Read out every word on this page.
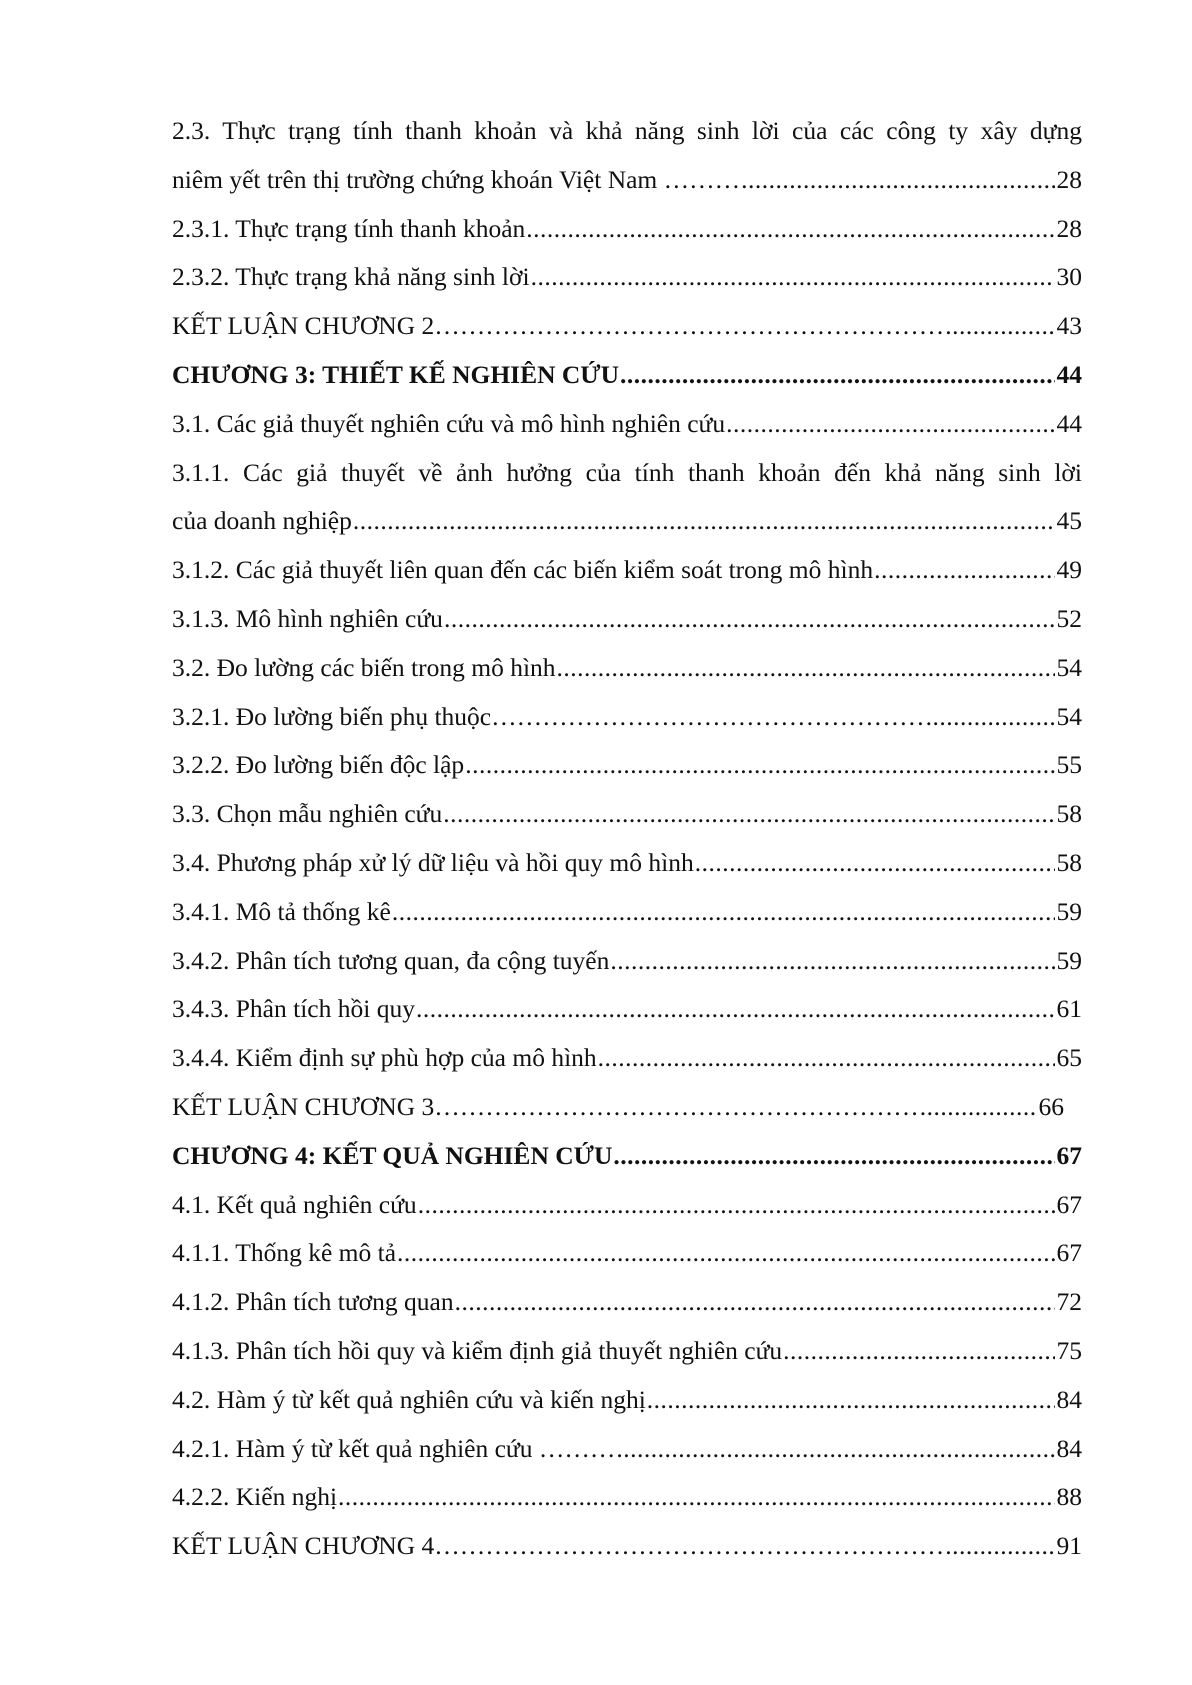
2.3. Thực trạng tính thanh khoản và khả năng sinh lời của các công ty xây dựng
niêm yết trên thị trường chứng khoán Việt Nam ……… .....	28
2.3.1. Thực trạng tính thanh khoản .....	28
2.3.2. Thực trạng khả năng sinh lời .....	30
KẾT LUẬN CHƯƠNG 2…………………………………………………… .....	43
CHƯƠNG 3: THIẾT KẾ NGHIÊN CỨU .....	44
3.1. Các giả thuyết nghiên cứu và mô hình nghiên cứu .....	44
3.1.1. Các giả thuyết về ảnh hưởng của tính thanh khoản đến khả năng sinh lời
của doanh nghiệp .....	45
3.1.2. Các giả thuyết liên quan đến các biến kiểm soát trong mô hình .....	49
3.1.3. Mô hình nghiên cứu .....	52
3.2. Đo lường các biến trong mô hình .....	54
3.2.1. Đo lường biến phụ thuộc…………………………………………… .....	54
3.2.2. Đo lường biến độc lập .....	55
3.3. Chọn mẫu nghiên cứu .....	58
3.4. Phương pháp xử lý dữ liệu và hồi quy mô hình .....	58
3.4.1. Mô tả thống kê .....	59
3.4.2. Phân tích tương quan, đa cộng tuyến .....	59
3.4.3. Phân tích hồi quy .....	61
3.4.4. Kiểm định sự phù hợp của mô hình .....	65
KẾT LUẬN CHƯƠNG 3………………………………………………… .....	66
CHƯƠNG 4: KẾT QUẢ NGHIÊN CỨU .....	67
4.1. Kết quả nghiên cứu .....	67
4.1.1. Thống kê mô tả .....	67
4.1.2. Phân tích tương quan .....	72
4.1.3. Phân tích hồi quy và kiểm định giả thuyết nghiên cứu .....	75
4.2. Hàm ý từ kết quả nghiên cứu và kiến nghị .....	84
4.2.1. Hàm ý từ kết quả nghiên cứu ……… .....	84
4.2.2. Kiến nghị .....	88
KẾT LUẬN CHƯƠNG 4…………………………………………………… .....	91
